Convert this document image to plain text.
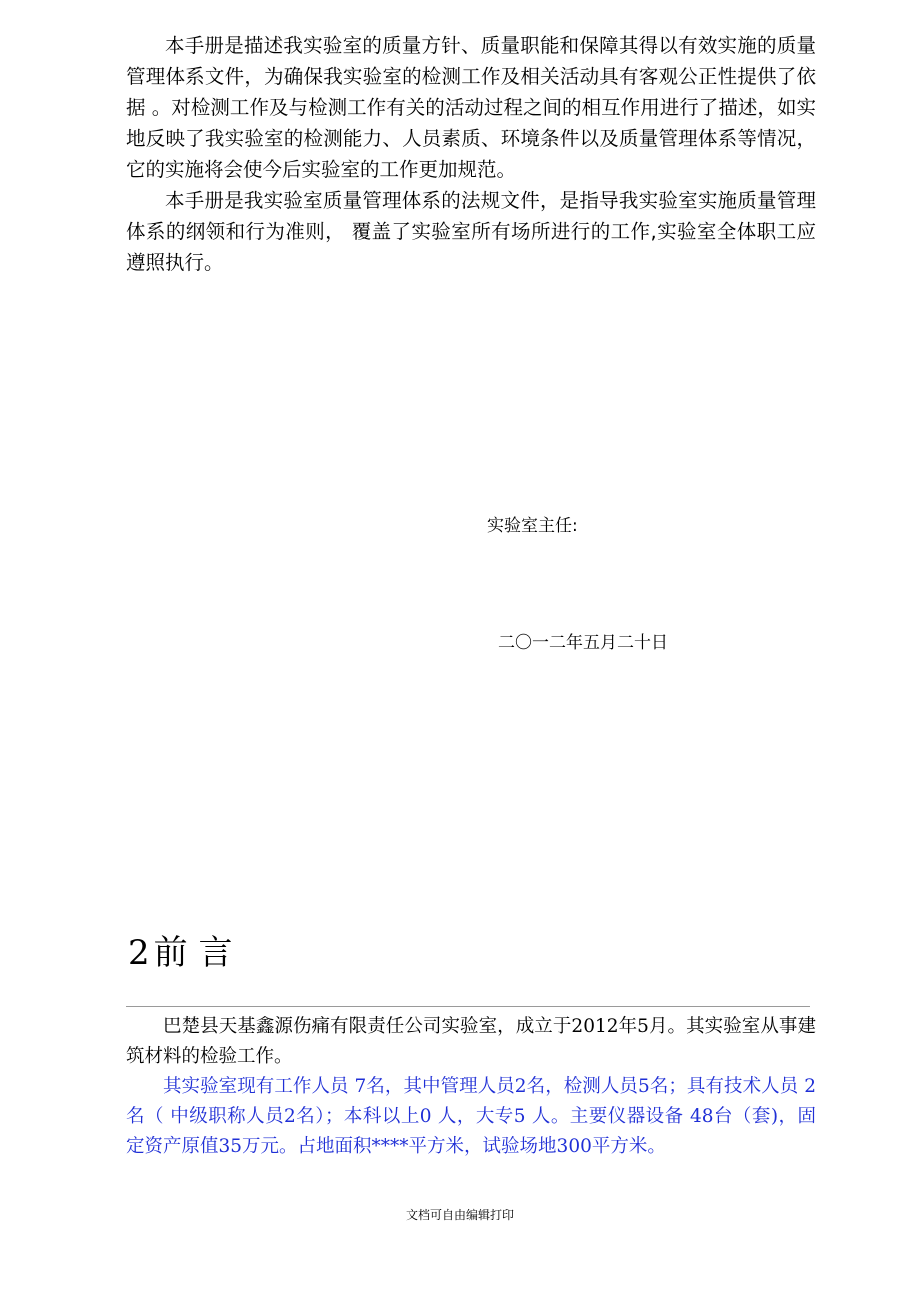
本手册是描述我实验室的质量方针、质量职能和保障其得以有效实施的质量管理体系文件，为确保我实验室的检测工作及相关活动具有客观公正性提供了依据 。对检测工作及与检测工作有关的活动过程之间的相互作用进行了描述，如实地反映了我实验室的检测能力、人员素质、环境条件以及质量管理体系等情况，它的实施将会使今后实验室的工作更加规范。

本手册是我实验室质量管理体系的法规文件，是指导我实验室实施质量管理体系的纲领和行为准则， 覆盖了实验室所有场所进行的工作,实验室全体职工应遵照执行。

实验室主任:
二〇一二年五月二十日
2 前 言

巴楚县天基鑫源伤痛有限责任公司实验室，成立于2012年5月。其实验室从事建筑材料的检验工作。

其实验室现有工作人员 7名，其中管理人员2名，检测人员5名；具有技术人员 2名（ 中级职称人员2名）；本科以上0 人，大专5 人。主要仪器设备 48台（套)，固定资产原值35万元。占地面积****平方米，试验场地300平方米。

文档可自由编辑打印
